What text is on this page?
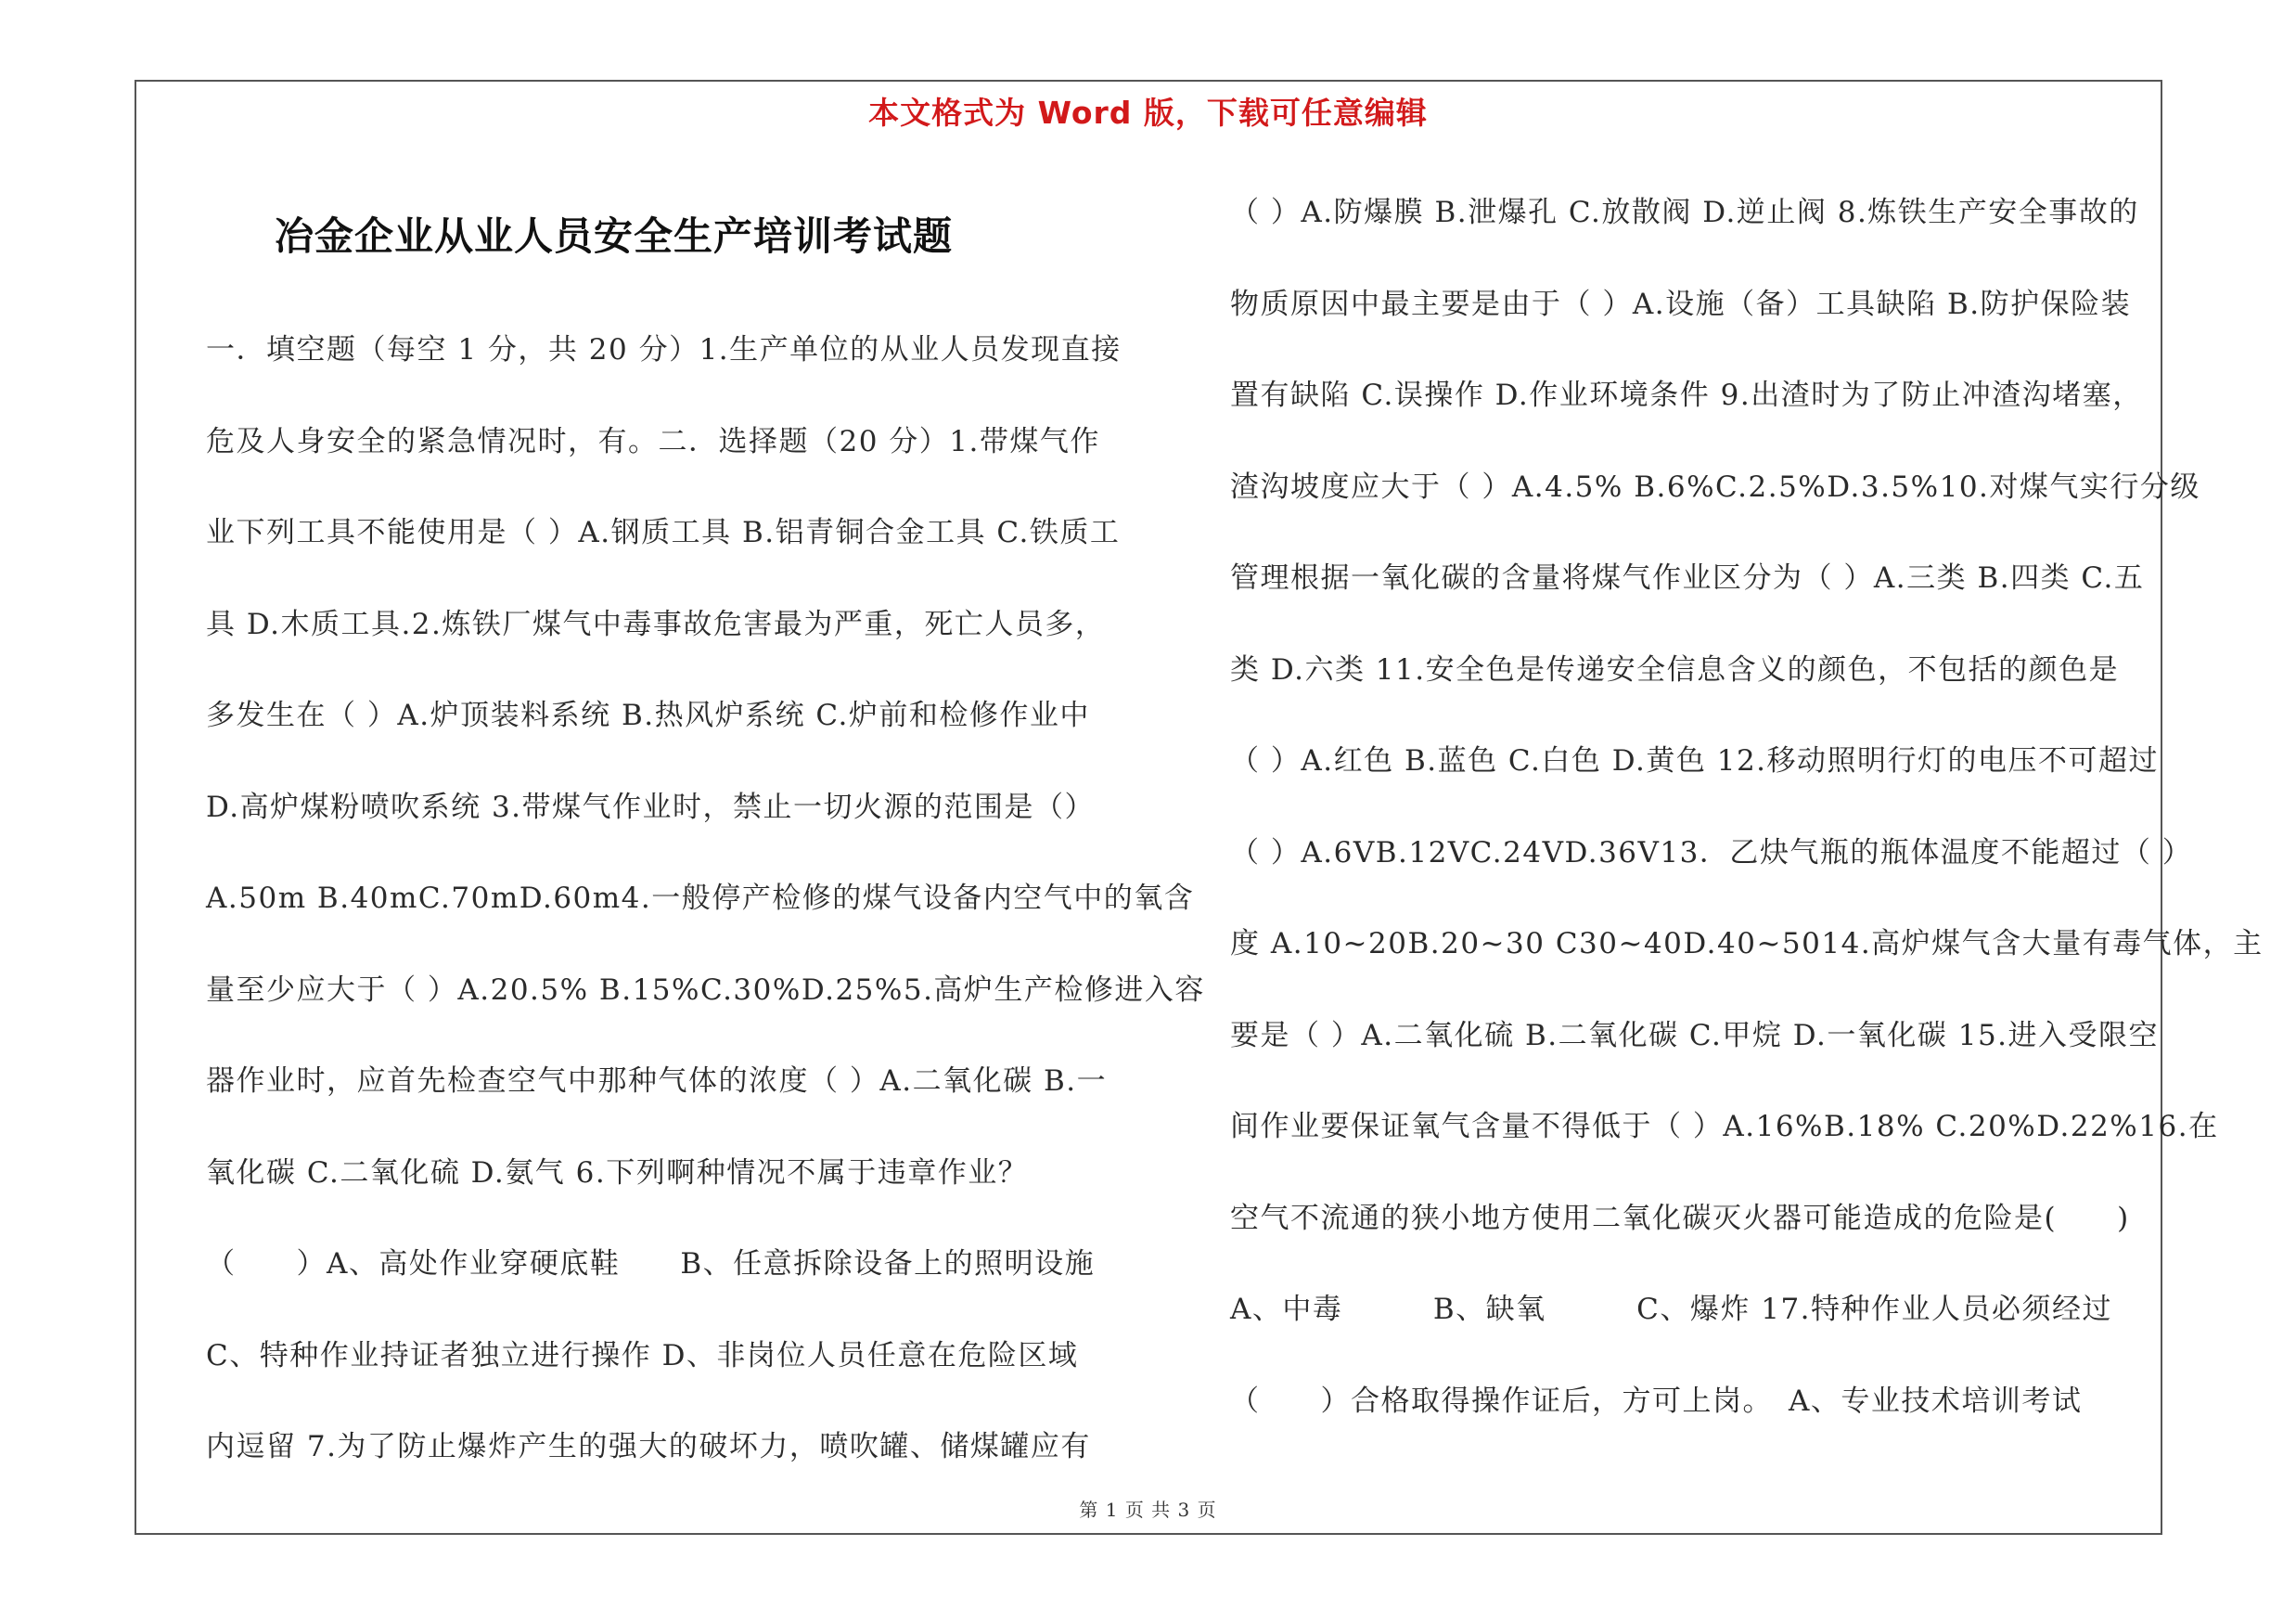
本文格式为 Word 版，下载可任意编辑
冶金企业从业人员安全生产培训考试题
一．填空题（每空 1 分，共 20 分）1.生产单位的从业人员发现直接
危及人身安全的紧急情况时，有。二．选择题（20 分）1.带煤气作
业下列工具不能使用是（ ）A.钢质工具 B.铝青铜合金工具 C.铁质工
具 D.木质工具.2.炼铁厂煤气中毒事故危害最为严重，死亡人员多，
多发生在（ ）A.炉顶装料系统 B.热风炉系统 C.炉前和检修作业中
D.高炉煤粉喷吹系统 3.带煤气作业时，禁止一切火源的范围是（）
A.50m B.40mC.70mD.60m4.一般停产检修的煤气设备内空气中的氧含
量至少应大于（ ）A.20.5% B.15%C.30%D.25%5.高炉生产检修进入容
器作业时，应首先检查空气中那种气体的浓度（ ）A.二氧化碳 B.一
氧化碳 C.二氧化硫 D.氨气 6.下列啊种情况不属于违章作业？
（　　）A、高处作业穿硬底鞋　　B、任意拆除设备上的照明设施
C、特种作业持证者独立进行操作 D、非岗位人员任意在危险区域
内逗留 7.为了防止爆炸产生的强大的破坏力，喷吹罐、储煤罐应有
（ ）A.防爆膜 B.泄爆孔 C.放散阀 D.逆止阀 8.炼铁生产安全事故的
物质原因中最主要是由于（ ）A.设施（备）工具缺陷 B.防护保险装
置有缺陷 C.误操作 D.作业环境条件 9.出渣时为了防止冲渣沟堵塞，
渣沟坡度应大于（ ）A.4.5% B.6%C.2.5%D.3.5%10.对煤气实行分级
管理根据一氧化碳的含量将煤气作业区分为（ ）A.三类 B.四类 C.五
类 D.六类 11.安全色是传递安全信息含义的颜色，不包括的颜色是
（ ）A.红色 B.蓝色 C.白色 D.黄色 12.移动照明行灯的电压不可超过
（ ）A.6VB.12VC.24VD.36V13．乙炔气瓶的瓶体温度不能超过（ ）
度 A.10~20B.20~30 C30~40D.40~5014.高炉煤气含大量有毒气体，主
要是（ ）A.二氧化硫 B.二氧化碳 C.甲烷 D.一氧化碳 15.进入受限空
间作业要保证氧气含量不得低于（ ）A.16%B.18% C.20%D.22%16.在
空气不流通的狭小地方使用二氧化碳灭火器可能造成的危险是(　　)
A、中毒　　　B、缺氧　　　C、爆炸 17.特种作业人员必须经过
（　　）合格取得操作证后，方可上岗。　A、专业技术培训考试
第 1 页 共 3 页
